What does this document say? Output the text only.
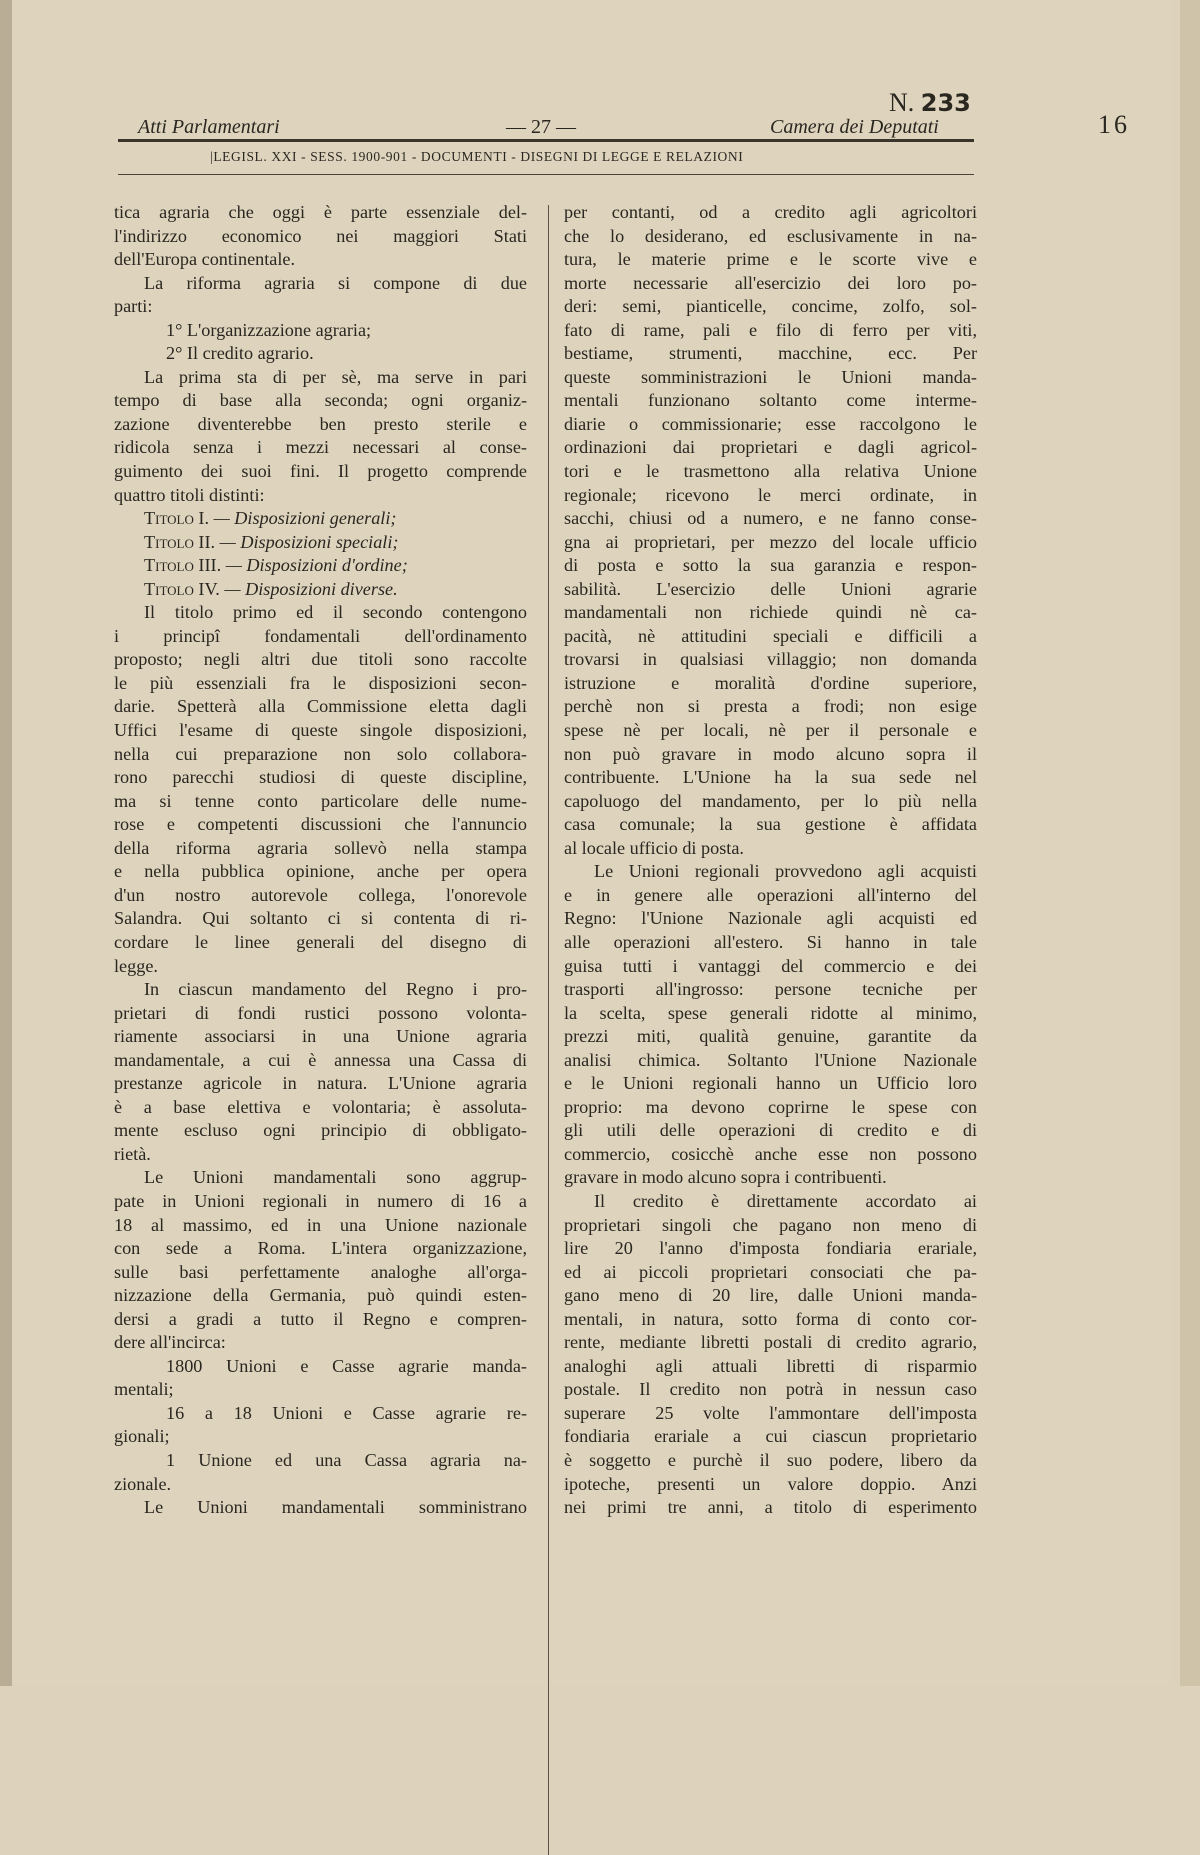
N. 233
16
Atti Parlamentari	— 27 —	Camera dei Deputati
|LEGISL. XXI - SESS. 1900-901 - DOCUMENTI - DISEGNI DI LEGGE E RELAZIONI

tica agraria che oggi è parte essenziale del-
l'indirizzo economico nei maggiori Stati
dell'Europa continentale.

La riforma agraria si compone di due
parti:

1° L'organizzazione agraria;
2° Il credito agrario.

La prima sta di per sè, ma serve in pari
tempo di base alla seconda; ogni organiz-
zazione diventerebbe ben presto sterile e
ridicola senza i mezzi necessari al conse-
guimento dei suoi fini. Il progetto comprende
quattro titoli distinti:

Titolo I. — Disposizioni generali;
Titolo II. — Disposizioni speciali;
Titolo III. — Disposizioni d'ordine;
Titolo IV. — Disposizioni diverse.

Il titolo primo ed il secondo contengono
i principî fondamentali dell'ordinamento
proposto; negli altri due titoli sono raccolte
le più essenziali fra le disposizioni secon-
darie. Spetterà alla Commissione eletta dagli
Uffici l'esame di queste singole disposizioni,
nella cui preparazione non solo collabora-
rono parecchi studiosi di queste discipline,
ma si tenne conto particolare delle nume-
rose e competenti discussioni che l'annuncio
della riforma agraria sollevò nella stampa
e nella pubblica opinione, anche per opera
d'un nostro autorevole collega, l'onorevole
Salandra. Qui soltanto ci si contenta di ri-
cordare le linee generali del disegno di
legge.

In ciascun mandamento del Regno i pro-
prietari di fondi rustici possono volonta-
riamente associarsi in una Unione agraria
mandamentale, a cui è annessa una Cassa di
prestanze agricole in natura. L'Unione agraria
è a base elettiva e volontaria; è assoluta-
mente escluso ogni principio di obbligato-
rietà.

Le Unioni mandamentali sono aggrup-
pate in Unioni regionali in numero di 16 a
18 al massimo, ed in una Unione nazionale
con sede a Roma. L'intera organizzazione,
sulle basi perfettamente analoghe all'orga-
nizzazione della Germania, può quindi esten-
dersi a gradi a tutto il Regno e compren-
dere all'incirca:

1800 Unioni e Casse agrarie manda-
mentali;
16 a 18 Unioni e Casse agrarie re-
gionali;
1 Unione ed una Cassa agraria na-
zionale.

Le Unioni mandamentali somministrano

per contanti, od a credito agli agricoltori
che lo desiderano, ed esclusivamente in na-
tura, le materie prime e le scorte vive e
morte necessarie all'esercizio dei loro po-
deri: semi, pianticelle, concime, zolfo, sol-
fato di rame, pali e filo di ferro per viti,
bestiame, strumenti, macchine, ecc. Per
queste somministrazioni le Unioni manda-
mentali funzionano soltanto come interme-
diarie o commissionarie; esse raccolgono le
ordinazioni dai proprietari e dagli agricol-
tori e le trasmettono alla relativa Unione
regionale; ricevono le merci ordinate, in
sacchi, chiusi od a numero, e ne fanno conse-
gna ai proprietari, per mezzo del locale ufficio
di posta e sotto la sua garanzia e respon-
sabilità. L'esercizio delle Unioni agrarie
mandamentali non richiede quindi nè ca-
pacità, nè attitudini speciali e difficili a
trovarsi in qualsiasi villaggio; non domanda
istruzione e moralità d'ordine superiore,
perchè non si presta a frodi; non esige
spese nè per locali, nè per il personale e
non può gravare in modo alcuno sopra il
contribuente. L'Unione ha la sua sede nel
capoluogo del mandamento, per lo più nella
casa comunale; la sua gestione è affidata
al locale ufficio di posta.

Le Unioni regionali provvedono agli acquisti
e in genere alle operazioni all'interno del
Regno: l'Unione Nazionale agli acquisti ed
alle operazioni all'estero. Si hanno in tale
guisa tutti i vantaggi del commercio e dei
trasporti all'ingrosso: persone tecniche per
la scelta, spese generali ridotte al minimo,
prezzi miti, qualità genuine, garantite da
analisi chimica. Soltanto l'Unione Nazionale
e le Unioni regionali hanno un Ufficio loro
proprio: ma devono coprirne le spese con
gli utili delle operazioni di credito e di
commercio, cosicchè anche esse non possono
gravare in modo alcuno sopra i contribuenti.

Il credito è direttamente accordato ai
proprietari singoli che pagano non meno di
lire 20 l'anno d'imposta fondiaria erariale,
ed ai piccoli proprietari consociati che pa-
gano meno di 20 lire, dalle Unioni manda-
mentali, in natura, sotto forma di conto cor-
rente, mediante libretti postali di credito agrario,
analoghi agli attuali libretti di risparmio
postale. Il credito non potrà in nessun caso
superare 25 volte l'ammontare dell'imposta
fondiaria erariale a cui ciascun proprietario
è soggetto e purchè il suo podere, libero da
ipoteche, presenti un valore doppio. Anzi
nei primi tre anni, a titolo di esperimento
